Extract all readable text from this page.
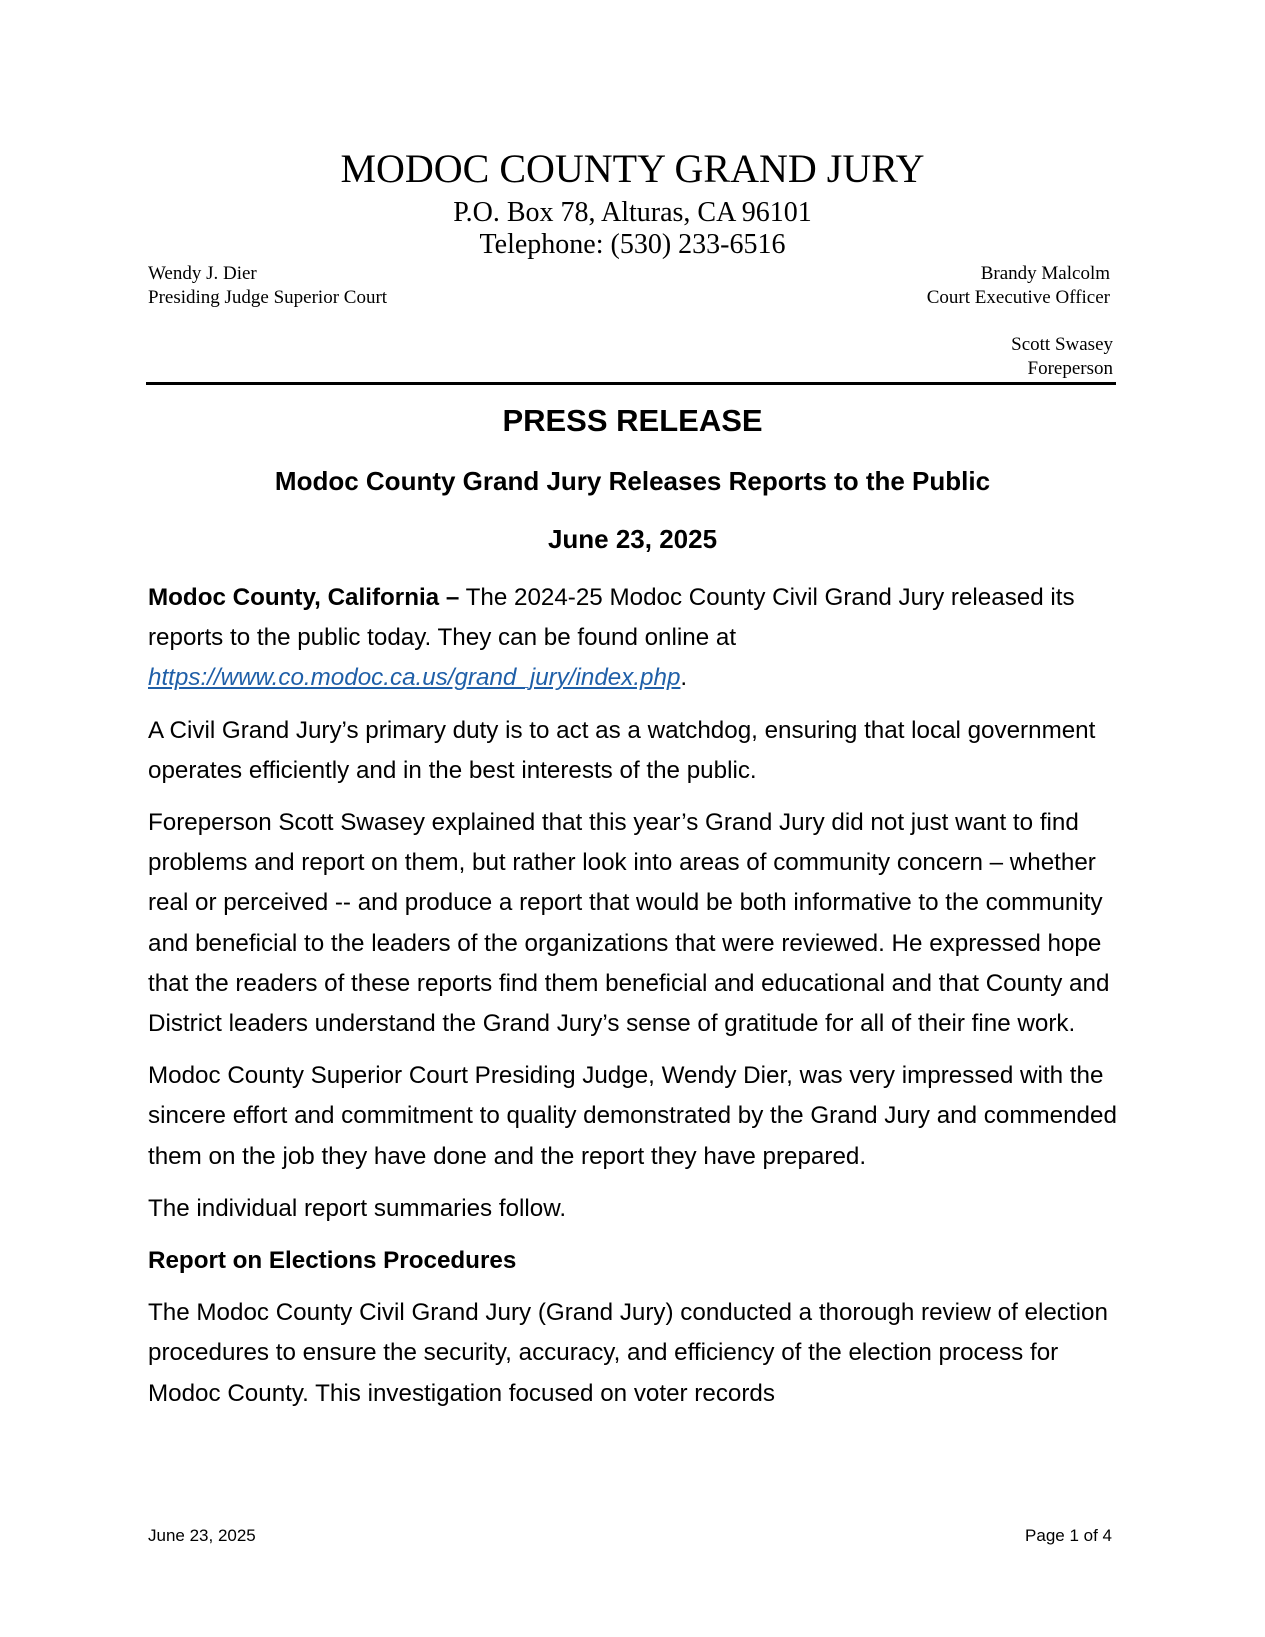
MODOC COUNTY GRAND JURY
P.O. Box 78, Alturas, CA 96101
Telephone: (530) 233-6516
Wendy J. Dier
Presiding Judge Superior Court
Brandy Malcolm
Court Executive Officer
Scott Swasey
Foreperson
PRESS RELEASE
Modoc County Grand Jury Releases Reports to the Public
June 23, 2025

Modoc County, California – The 2024-25 Modoc County Civil Grand Jury released its reports to the public today. They can be found online at https://www.co.modoc.ca.us/grand_jury/index.php.

A Civil Grand Jury’s primary duty is to act as a watchdog, ensuring that local government operates efficiently and in the best interests of the public.

Foreperson Scott Swasey explained that this year’s Grand Jury did not just want to find problems and report on them, but rather look into areas of community concern – whether real or perceived -- and produce a report that would be both informative to the community and beneficial to the leaders of the organizations that were reviewed. He expressed hope that the readers of these reports find them beneficial and educational and that County and District leaders understand the Grand Jury’s sense of gratitude for all of their fine work.

Modoc County Superior Court Presiding Judge, Wendy Dier, was very impressed with the sincere effort and commitment to quality demonstrated by the Grand Jury and commended them on the job they have done and the report they have prepared.

The individual report summaries follow.

Report on Elections Procedures

The Modoc County Civil Grand Jury (Grand Jury) conducted a thorough review of election procedures to ensure the security, accuracy, and efficiency of the election process for Modoc County. This investigation focused on voter records

June 23, 2025	Page 1 of 4
